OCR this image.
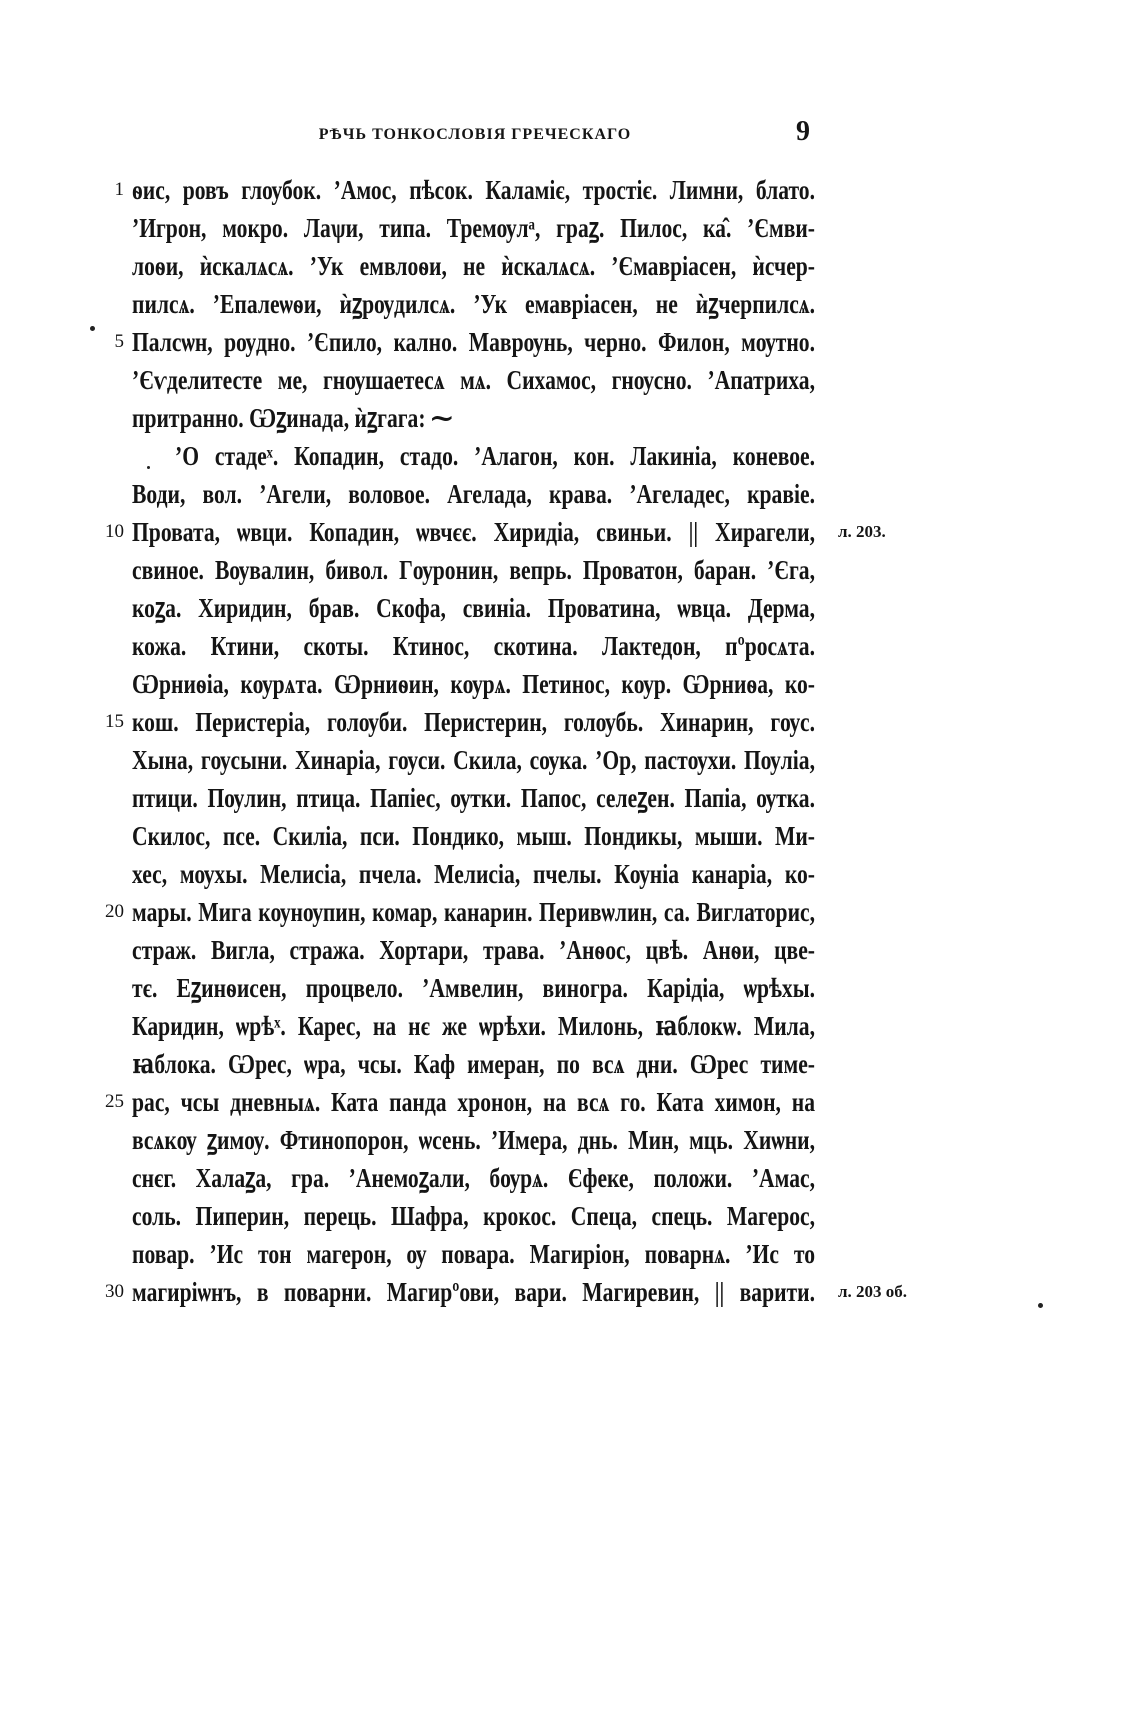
РѢЧЬ ТОНКОСЛОВІЯ ГРЕЧЕСКАГО	9
1 ѳис, ровъ глѹбок. ’Амос, пѣсок. Каламіє, тростіє. Лимни, блато.
’Игрон, мокро. Лаѱи, типа. Тремѹлᵃ, граꙁ. Пилос, ка̂. ’Ємви-
лоѳи, ѝскалѧсѧ. ’Ук емвлоѳи, не ѝскалѧсѧ. ’Ємавріасен, ѝсчер-
пилсѧ. ’Епалеѡѳи, ѝꙁрѹдилсѧ. ’Ук емавріасен, не ѝꙁчерпилсѧ.
5 Палсѡн, рѹдно. ’Єпило, кално. Маврѹнь, черно. Филон, мѹтно.
’Єѵделитесте ме, гнѹшаетесѧ мѧ. Сихамос, гнѹсно. ’Апатриха,
притранно. Ѡꙁинада, ѝꙁгага: ⁓
’О стадеˣ. Копадин, стадо. ’Алагон, кон. Лакиніа, коневое.
Води, вол. ’Агели, воловое. Агелада, крава. ’Агеладес, кравіе.
10 Провата, ѡвци. Копадин, ѡвчєє. Хиридіа, свиньи. || Хирагели, л. 203.
свиное. Вѹвалин, бивол. Гѹронин, вепрь. Проватон, баран. ’Єга,
коꙁа. Хиридин, брав. Скофа, свиніа. Проватина, ѡвца. Дерма,
кожа. Ктини, скоты. Ктинос, скотина. Лактедон, пºросѧта.
Ѡрниѳіа, кѹрѧта. Ѡрниѳин, кѹрѧ. Петинос, кѹр. Ѡрниѳа, ко-
15 кош. Перистеріа, голѹби. Перистерин, голѹбь. Хинарин, гѹс.
Хына, гѹсыни. Хинаріа, гѹси. Скила, сѹка. ’Ор, пастѹхи. Пѹліа,
птици. Пѹлин, птица. Папіес, ѹтки. Папос, селеꙁен. Папіа, ѹтка.
Скилос, псе. Скиліа, пси. Пондико, мыш. Пондикы, мыши. Ми-
хес, мѹхы. Мелисіа, пчела. Мелисіа, пчелы. Кѹніа канаріа, ко-
20 мары. Мига кѹнѹпин, комар, канарин. Перивѡлин, са. Виглаторис,
страж. Вигла, стража. Хортари, трава. ’Анѳос, цвѣ. Анѳи, цве-
тє. Еꙁинѳисен, процвело. ’Амвелин, виногра. Карідіа, ѡрѣхы.
Каридин, ѡрѣˣ. Карес, на нє же ѡрѣхи. Милонь, ꙗблокѡ. Мила,
ꙗблока. Ѡрес, ѡра, чсы. Каф имеран, по всѧ дни. Ѡрес тиме-
25 рас, чсы дневныѧ. Ката панда хронон, на всѧ го. Ката химон, на
всѧкѹ ꙁимѹ. Фтинопорон, ѡсень. ’Имера, днь. Мин, мць. Хиѡни,
снєг. Халаꙁа, гра. ’Анемоꙁали, бѹрѧ. Єфеке, положи. ’Амас,
соль. Пиперин, перець. Шафра, крокос. Спеца, спець. Магерос,
повар. ’Ис тон магерон, ѹ повара. Магиріон, поварнѧ. ’Ис то
30 магиріѡнъ, в поварни. Магирºови, вари. Магиревин, || варити. л. 203 об.
